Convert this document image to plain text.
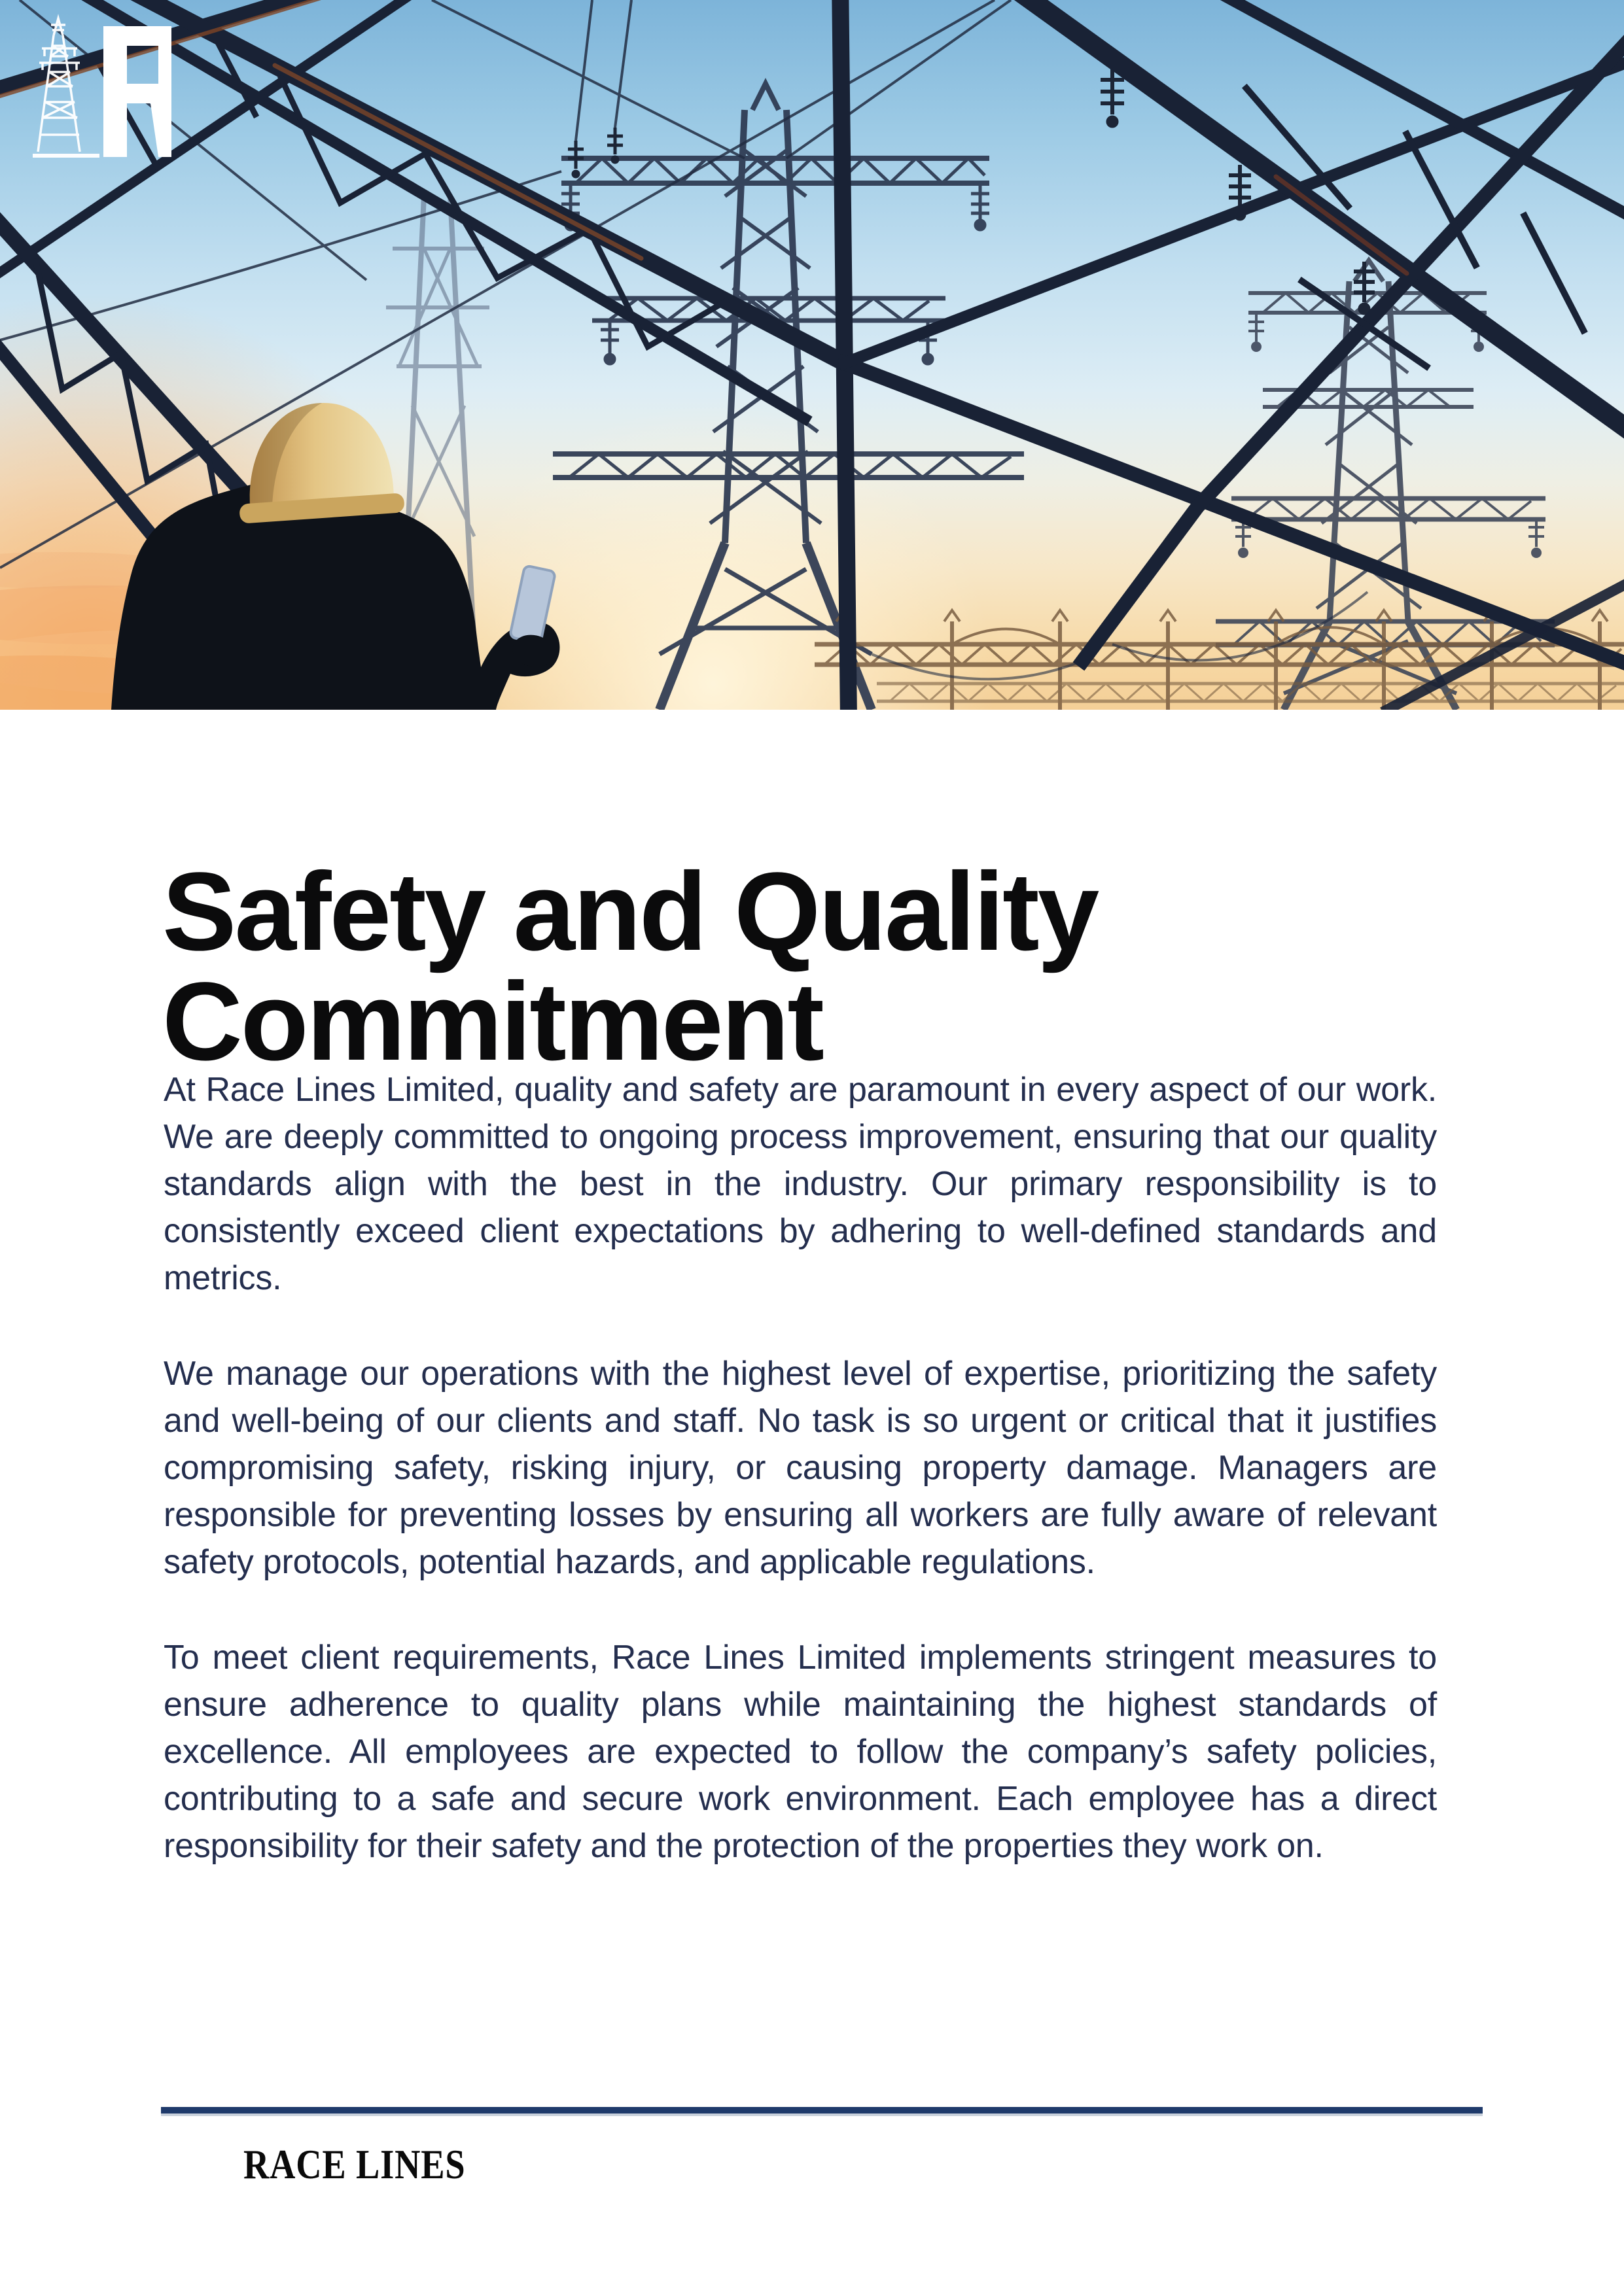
Safety and Quality
Commitment

At Race Lines Limited, quality and safety are paramount in every aspect of our work. We are deeply committed to ongoing process improvement, ensuring that our quality standards align with the best in the industry. Our primary responsibility is to consistently exceed client expectations by adhering to well-defined standards and metrics.

We manage our operations with the highest level of expertise, prioritizing the safety and well-being of our clients and staff. No task is so urgent or critical that it justifies compromising safety, risking injury, or causing property damage. Managers are responsible for preventing losses by ensuring all workers are fully aware of relevant safety protocols, potential hazards, and applicable regulations.

To meet client requirements, Race Lines Limited implements stringent measures to ensure adherence to quality plans while maintaining the highest standards of excellence. All employees are expected to follow the company’s safety policies, contributing to a safe and secure work environment. Each employee has a direct responsibility for their safety and the protection of the properties they work on.

RACE LINES
